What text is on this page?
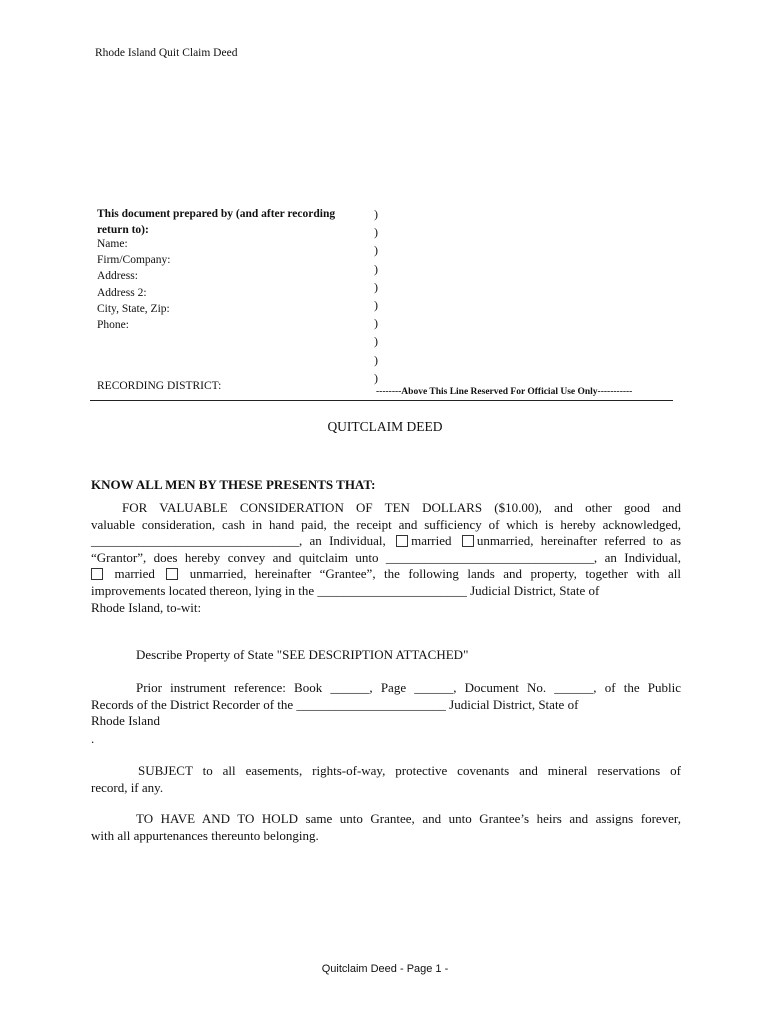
Rhode Island Quit Claim Deed
This document prepared by (and after recording
return to):
Name:
Firm/Company:
Address:
Address 2:
City, State, Zip:
Phone:
)
)
)
)
)
)
)
)
)
)
RECORDING DISTRICT:	--------Above This Line Reserved For Official Use Only-----------
QUITCLAIM DEED
KNOW ALL MEN BY THESE PRESENTS THAT:
FOR VALUABLE CONSIDERATION OF TEN DOLLARS ($10.00), and other good and
valuable consideration, cash in hand paid, the receipt and sufficiency of which is hereby acknowledged,
________________________________, an Individual, married unmarried, hereinafter referred to as
“Grantor”, does hereby convey and quitclaim unto ________________________________, an Individual,
married	unmarried, hereinafter “Grantee”, the following lands and property, together with all
improvements located thereon, lying in the _______________________ Judicial District, State of
Rhode Island, to-wit:
Describe Property of State "SEE DESCRIPTION ATTACHED"
Prior instrument reference: Book ______, Page ______, Document No. ______, of the Public
Records of the District Recorder of the _______________________ Judicial District, State of
Rhode Island
.
SUBJECT to all easements, rights-of-way, protective covenants and mineral reservations of
record, if any.
TO HAVE AND TO HOLD same unto Grantee, and unto Grantee’s heirs and assigns forever,
with all appurtenances thereunto belonging.
Quitclaim Deed - Page 1 -
